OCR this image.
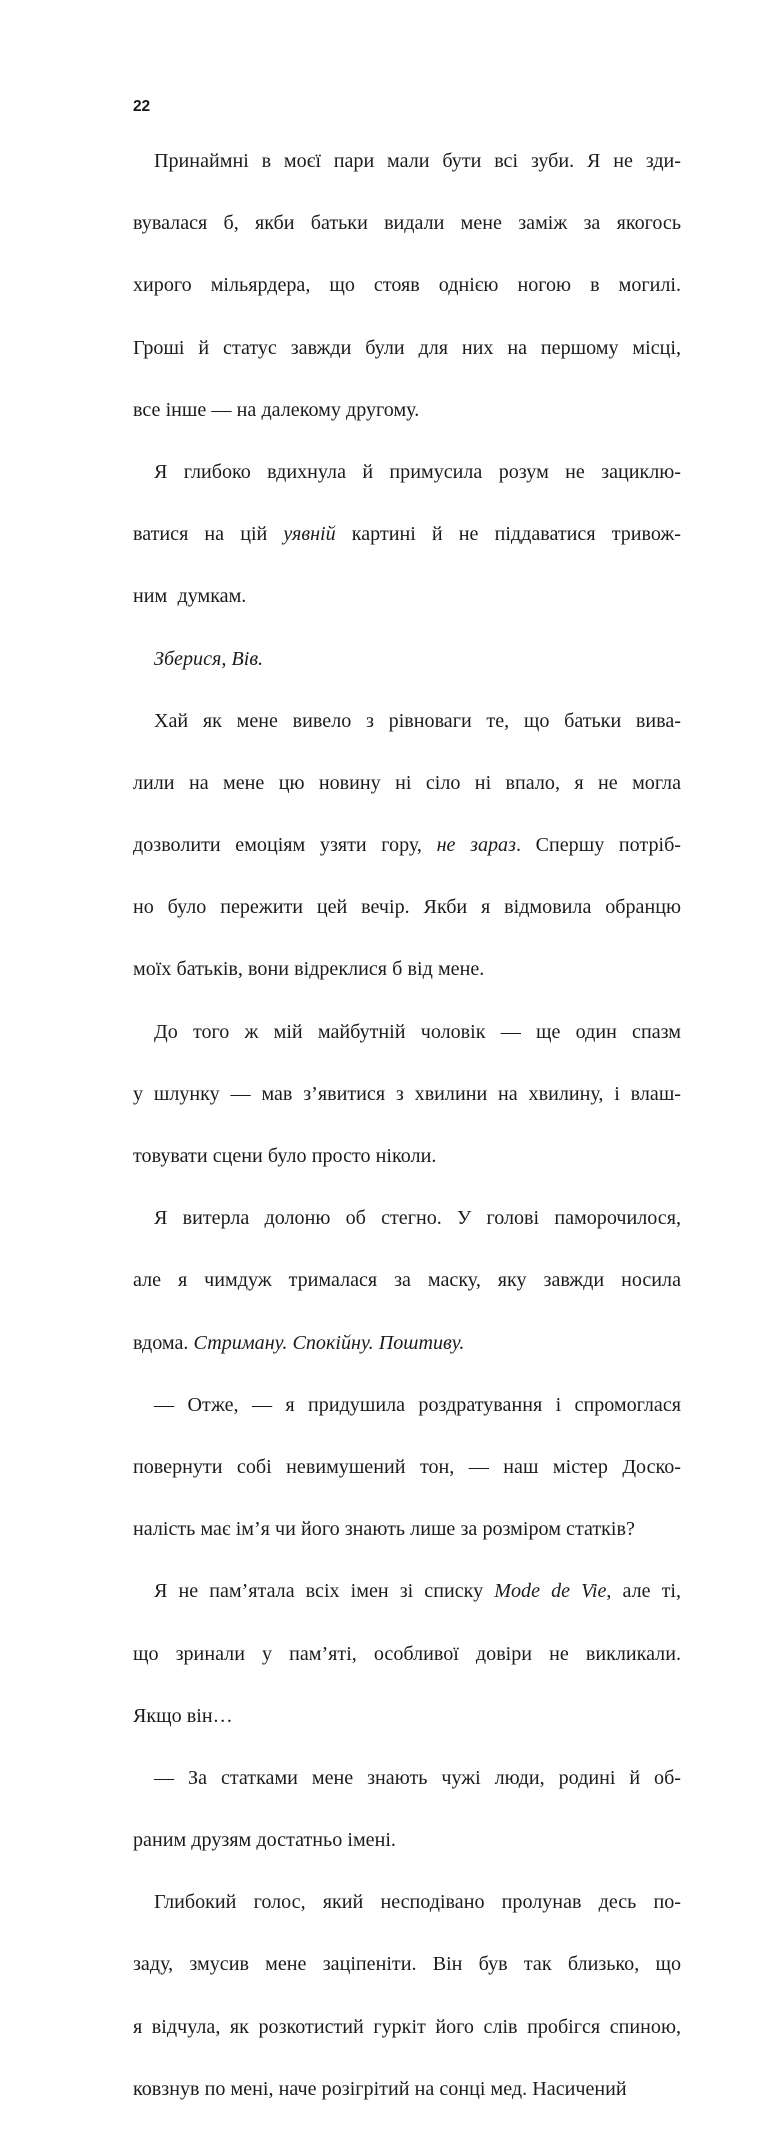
22

Принаймні в моєї пари мали бути всі зуби. Я не зди-
вувалася б, якби батьки видали мене заміж за якогось
хирого мільярдера, що стояв однією ногою в могилі.
Гроші й статус завжди були для них на першому місці,
все інше — на далекому другому.

Я глибоко вдихнула й примусила розум не зациклю-
ватися на цій уявній картині й не піддаватися тривож-
ним  думкам.

Зберися, Вів.

Хай як мене вивело з рівноваги те, що батьки вива-
лили на мене цю новину ні сіло ні впало, я не могла
дозволити емоціям узяти гору, не зараз. Спершу потріб-
но було пережити цей вечір. Якби я відмовила обранцю
моїх батьків, вони відреклися б від мене.

До того ж мій майбутній чоловік — ще один спазм
у шлунку — мав з’явитися з хвилини на хвилину, і влаш-
товувати сцени було просто ніколи.

Я витерла долоню об стегно. У голові паморочилося,
але я чимдуж трималася за маску, яку завжди носила
вдома. Стриману. Спокійну. Поштиву.

— Отже, — я придушила роздратування і спромоглася
повернути собі невимушений тон, — наш містер Доско-
налість має ім’я чи його знають лише за розміром статків?

Я не пам’ятала всіх імен зі списку Mode de Vie, але ті,
що зринали у пам’яті, особливої довіри не викликали.
Якщо він…

— За статками мене знають чужі люди, родині й об-
раним друзям достатньо імені.

Глибокий голос, який несподівано пролунав десь по-
заду, змусив мене заціпеніти. Він був так близько, що
я відчула, як розкотистий гуркіт його слів пробігся спиною,
ковзнув по мені, наче розігрітий на сонці мед. Насичений
